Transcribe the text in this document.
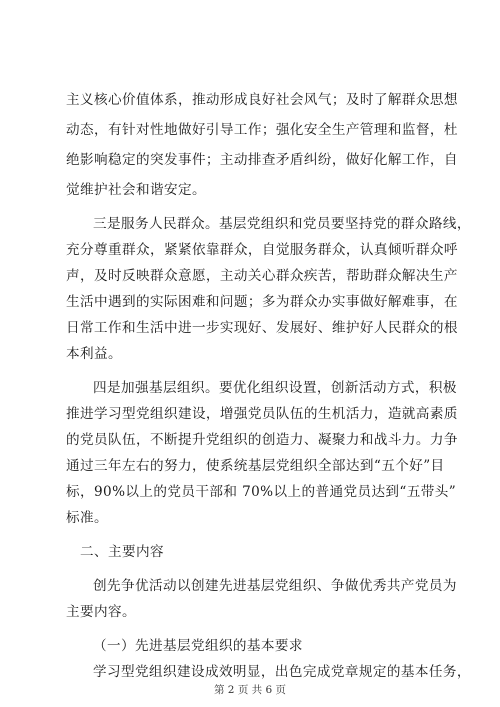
主义核心价值体系，推动形成良好社会风气；及时了解群众思想
动态，有针对性地做好引导工作；强化安全生产管理和监督，杜
绝影响稳定的突发事件；主动排查矛盾纠纷，做好化解工作，自
觉维护社会和谐安定。
三是服务人民群众。基层党组织和党员要坚持党的群众路线，
充分尊重群众，紧紧依靠群众，自觉服务群众，认真倾听群众呼
声，及时反映群众意愿，主动关心群众疾苦，帮助群众解决生产
生活中遇到的实际困难和问题；多为群众办实事做好解难事，在
日常工作和生活中进一步实现好、发展好、维护好人民群众的根
本利益。
四是加强基层组织。要优化组织设置，创新活动方式，积极
推进学习型党组织建设，增强党员队伍的生机活力，造就高素质
的党员队伍，不断提升党组织的创造力、凝聚力和战斗力。力争
通过三年左右的努力，使系统基层党组织全部达到“五个好”目
标，90%以上的党员干部和 70%以上的普通党员达到“五带头”
标准。
二、主要内容
创先争优活动以创建先进基层党组织、争做优秀共产党员为
主要内容。
（一）先进基层党组织的基本要求
学习型党组织建设成效明显，出色完成党章规定的基本任务，
第 2 页 共 6 页
